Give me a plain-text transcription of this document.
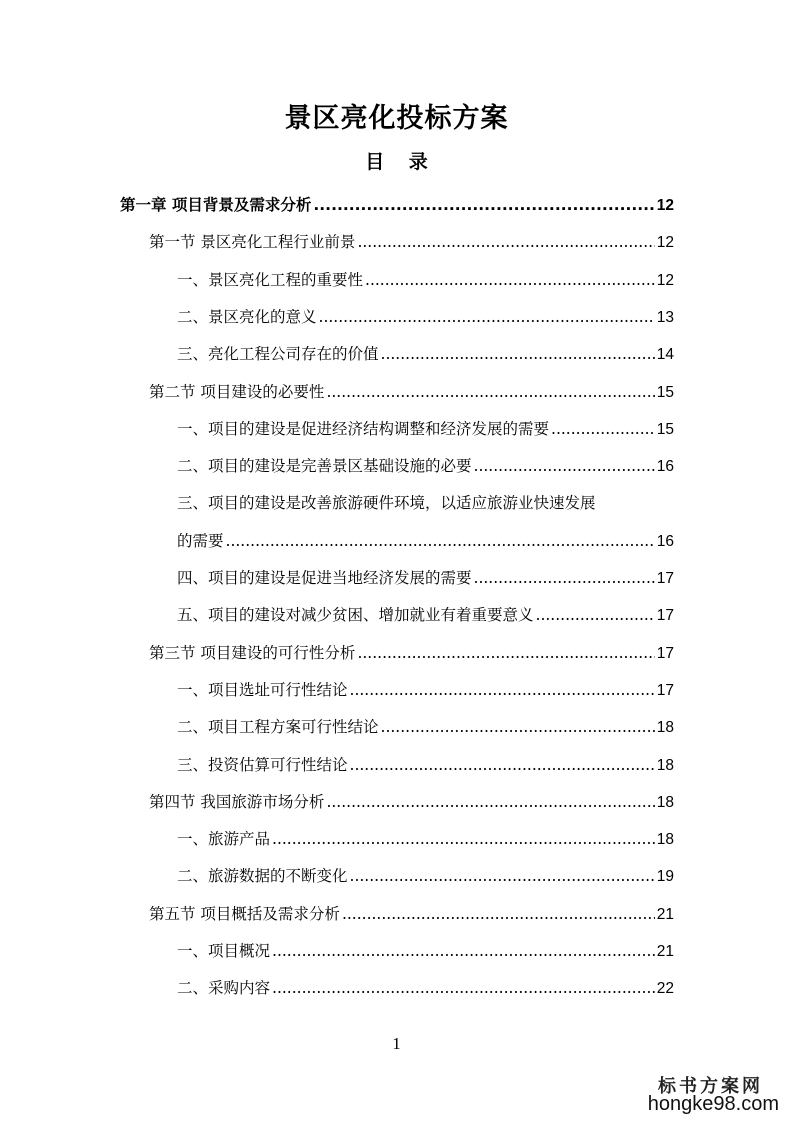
景区亮化投标方案
目 录
第一章 项目背景及需求分析 .....	12
第一节 景区亮化工程行业前景 .....	12
一、景区亮化工程的重要性 .....	12
二、景区亮化的意义 .....	13
三、亮化工程公司存在的价值 .....	14
第二节 项目建设的必要性 .....	15
一、项目的建设是促进经济结构调整和经济发展的需要 .....	15
二、项目的建设是完善景区基础设施的必要 .....	16
三、项目的建设是改善旅游硬件环境，以适应旅游业快速发展
的需要 .....	16
四、项目的建设是促进当地经济发展的需要 .....	17
五、项目的建设对减少贫困、增加就业有着重要意义 .....	17
第三节 项目建设的可行性分析 .....	17
一、项目选址可行性结论 .....	17
二、项目工程方案可行性结论 .....	18
三、投资估算可行性结论 .....	18
第四节 我国旅游市场分析 .....	18
一、旅游产品 .....	18
二、旅游数据的不断变化 .....	19
第五节 项目概括及需求分析 .....	21
一、项目概况 .....	21
二、采购内容 .....	22
1
标书方案网
hongke98.com
